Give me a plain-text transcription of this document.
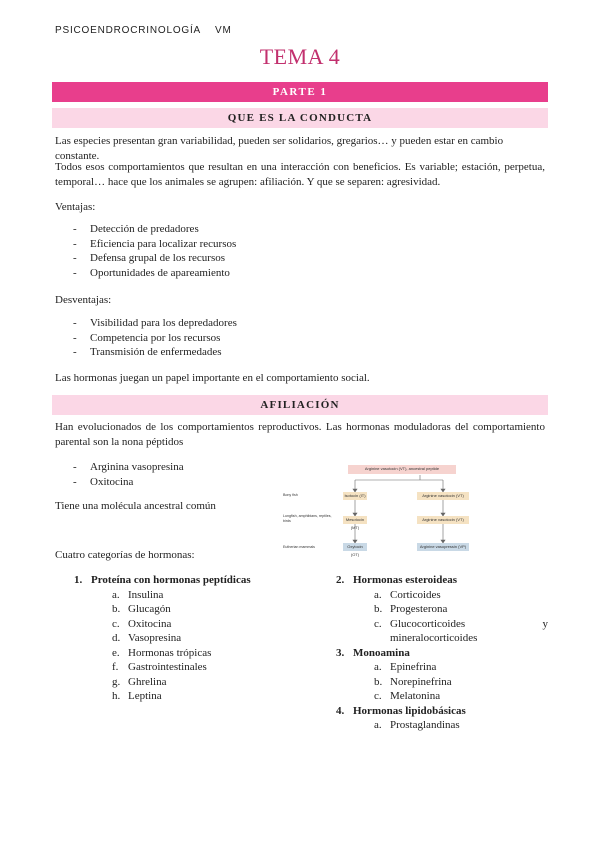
PSICOENDROCRINOLOGÍA VM
TEMA 4
PARTE 1
QUE ES LA CONDUCTA

Las especies presentan gran variabilidad, pueden ser solidarios, gregarios… y pueden estar en cambio constante.

Todos esos comportamientos que resultan en una interacción con beneficios. Es variable; estación, perpetua, temporal… hace que los animales se agrupen: afiliación. Y que se separen: agresividad.

Ventajas:

- Detección de predadores
- Eficiencia para localizar recursos
- Defensa grupal de los recursos
- Oportunidades de apareamiento

Desventajas:

- Visibilidad para los depredadores
- Competencia por los recursos
- Transmisión de enfermedades

Las hormonas juegan un papel importante en el comportamiento social.

AFILIACIÓN

Han evolucionados de los comportamientos reproductivos. Las hormonas moduladoras del comportamiento parental son la nona péptidos

- Arginina vasopresina
- Oxitocina

Tiene una molécula ancestral común

Arginine vasotocin (VT), ancestral peptide
Bony fish	Isotocin (IT)	Arginine vasotocin (VT)
Lungfish, amphibians, reptiles, birds	Mesotocin (MT)
Arginine vasotocin (VT)
Eutherian mammals	Oxytocin (OT)
Arginine vasopressin (VP)

Cuatro categorías de hormonas:

1. Proteína con hormonas peptídicas
a. Insulina
b. Glucagón
c. Oxitocina
d. Vasopresina
e. Hormonas trópicas
f. Gastrointestinales
g. Ghrelina
h. Leptina
2. Hormonas esteroideas
a. Corticoides
b. Progesterona
c. Glucocorticoides y mineralocorticoides
3. Monoamina
a. Epinefrina
b. Norepinefrina
c. Melatonina
4. Hormonas lipidobásicas
a. Prostaglandinas
